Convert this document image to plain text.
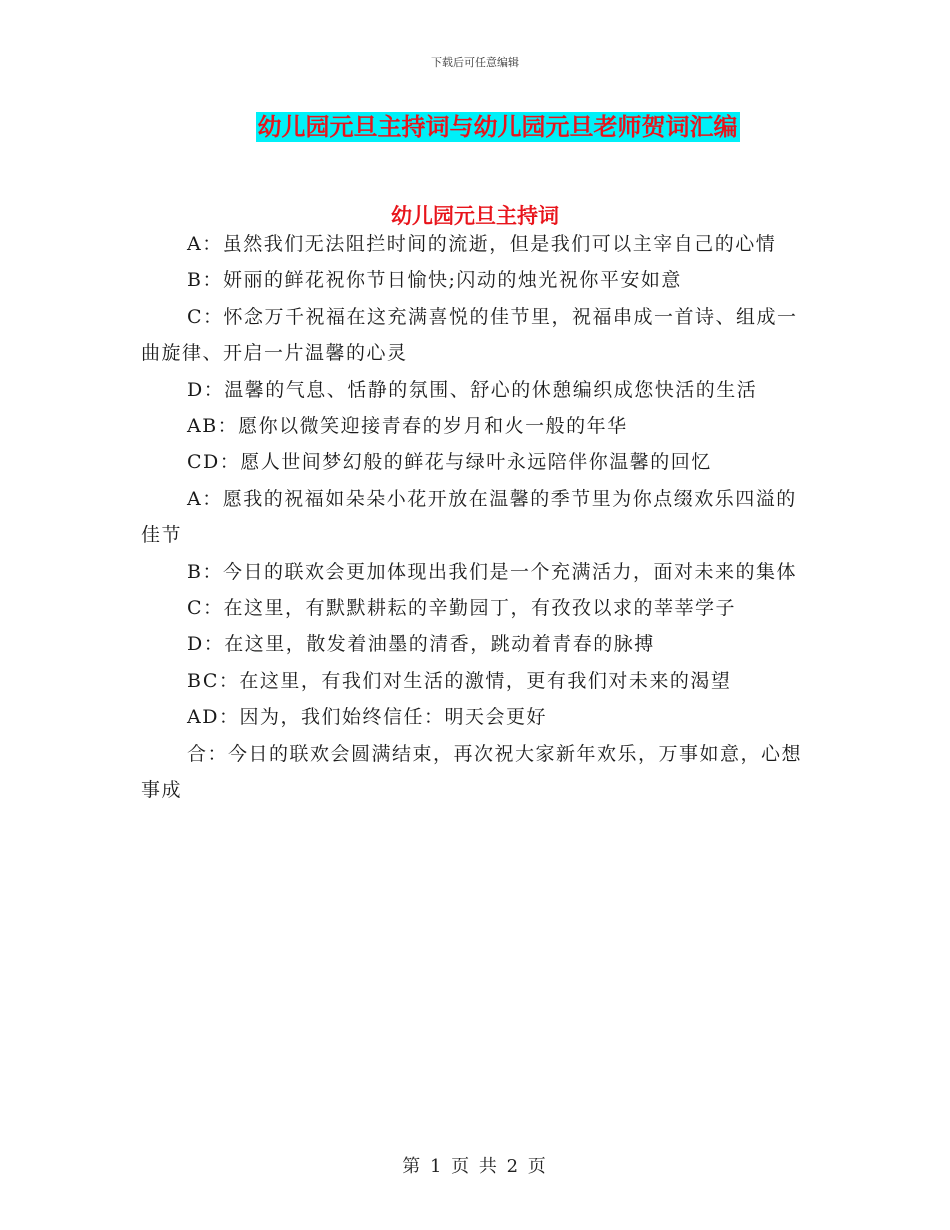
下载后可任意编辑
幼儿园元旦主持词与幼儿园元旦老师贺词汇编
幼儿园元旦主持词

A：虽然我们无法阻拦时间的流逝，但是我们可以主宰自己的心情

B：妍丽的鲜花祝你节日愉快;闪动的烛光祝你平安如意

C：怀念万千祝福在这充满喜悦的佳节里，祝福串成一首诗、组成一曲旋律、开启一片温馨的心灵

D：温馨的气息、恬静的氛围、舒心的休憩编织成您快活的生活

AB：愿你以微笑迎接青春的岁月和火一般的年华

CD：愿人世间梦幻般的鲜花与绿叶永远陪伴你温馨的回忆

A：愿我的祝福如朵朵小花开放在温馨的季节里为你点缀欢乐四溢的佳节

B：今日的联欢会更加体现出我们是一个充满活力，面对未来的集体

C：在这里，有默默耕耘的辛勤园丁，有孜孜以求的莘莘学子

D：在这里，散发着油墨的清香，跳动着青春的脉搏

BC：在这里，有我们对生活的激情，更有我们对未来的渴望

AD：因为，我们始终信任：明天会更好

合：今日的联欢会圆满结束，再次祝大家新年欢乐，万事如意，心想事成

第 1 页 共 2 页
